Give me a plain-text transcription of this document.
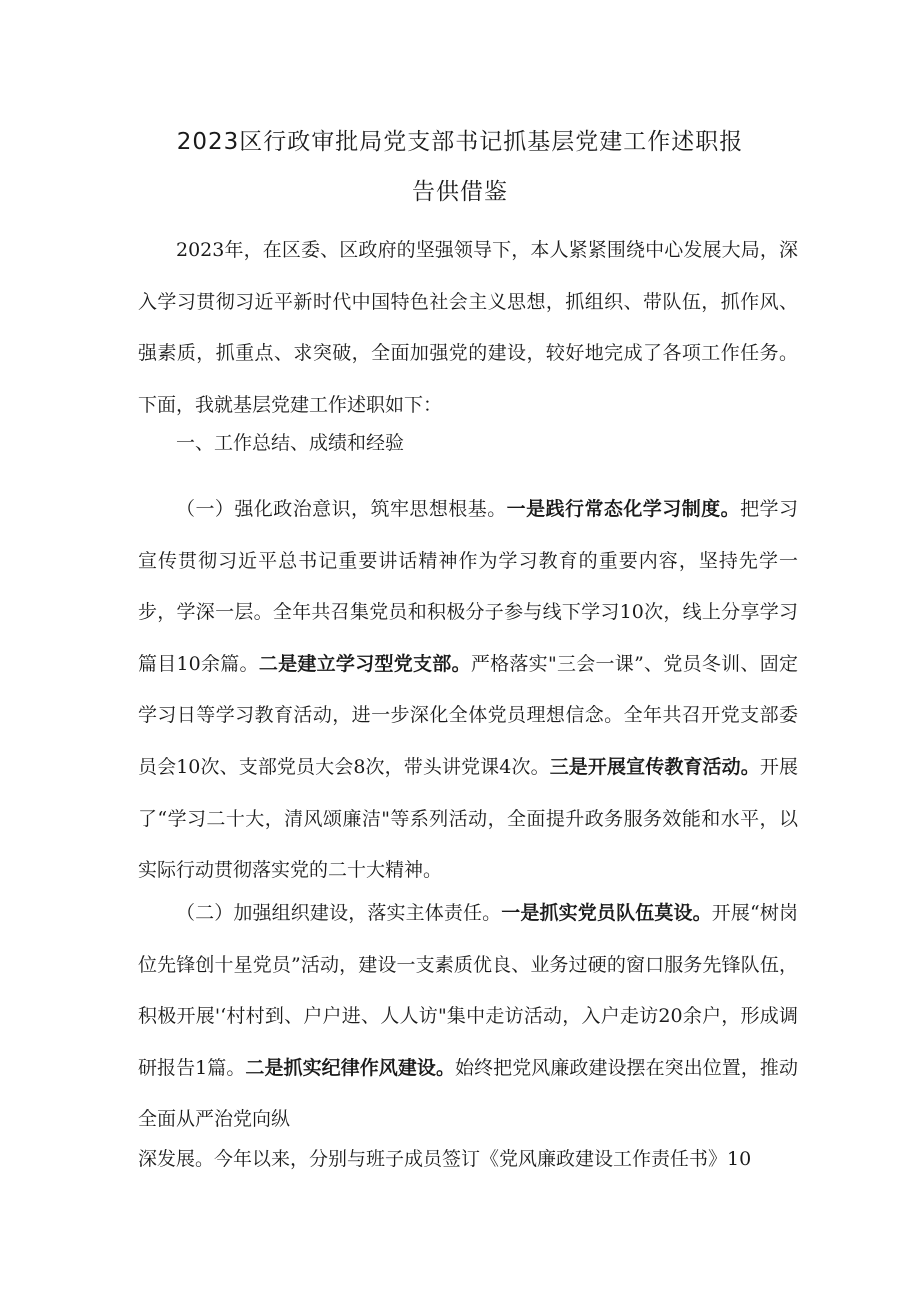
2023区行政审批局党支部书记抓基层党建工作述职报
告供借鉴

2023年，在区委、区政府的坚强领导下，本人紧紧围绕中心发展大局，深入学习贯彻习近平新时代中国特色社会主义思想，抓组织、带队伍，抓作风、强素质，抓重点、求突破，全面加强党的建设，较好地完成了各项工作任务。下面，我就基层党建工作述职如下：

一、工作总结、成绩和经验

（一）强化政治意识，筑牢思想根基。一是践行常态化学习制度。把学习宣传贯彻习近平总书记重要讲话精神作为学习教育的重要内容，坚持先学一步，学深一层。全年共召集党员和积极分子参与线下学习10次，线上分享学习篇目10余篇。二是建立学习型党支部。严格落实"三会一课”、党员冬训、固定学习日等学习教育活动，进一步深化全体党员理想信念。全年共召开党支部委员会10次、支部党员大会8次，带头讲党课4次。三是开展宣传教育活动。开展了“学习二十大，清风颂廉洁"等系列活动，全面提升政务服务效能和水平，以实际行动贯彻落实党的二十大精神。

（二）加强组织建设，落实主体责任。一是抓实党员队伍莫设。开展“树岗位先锋创十星党员”活动，建设一支素质优良、业务过硬的窗口服务先锋队伍，积极开展'‘村村到、户户进、人人访"集中走访活动，入户走访20余户，形成调研报告1篇。二是抓实纪律作风建设。始终把党风廉政建设摆在突出位置，推动全面从严治党向纵

深发展。今年以来，分别与班子成员签订《党风廉政建设工作责任书》10
